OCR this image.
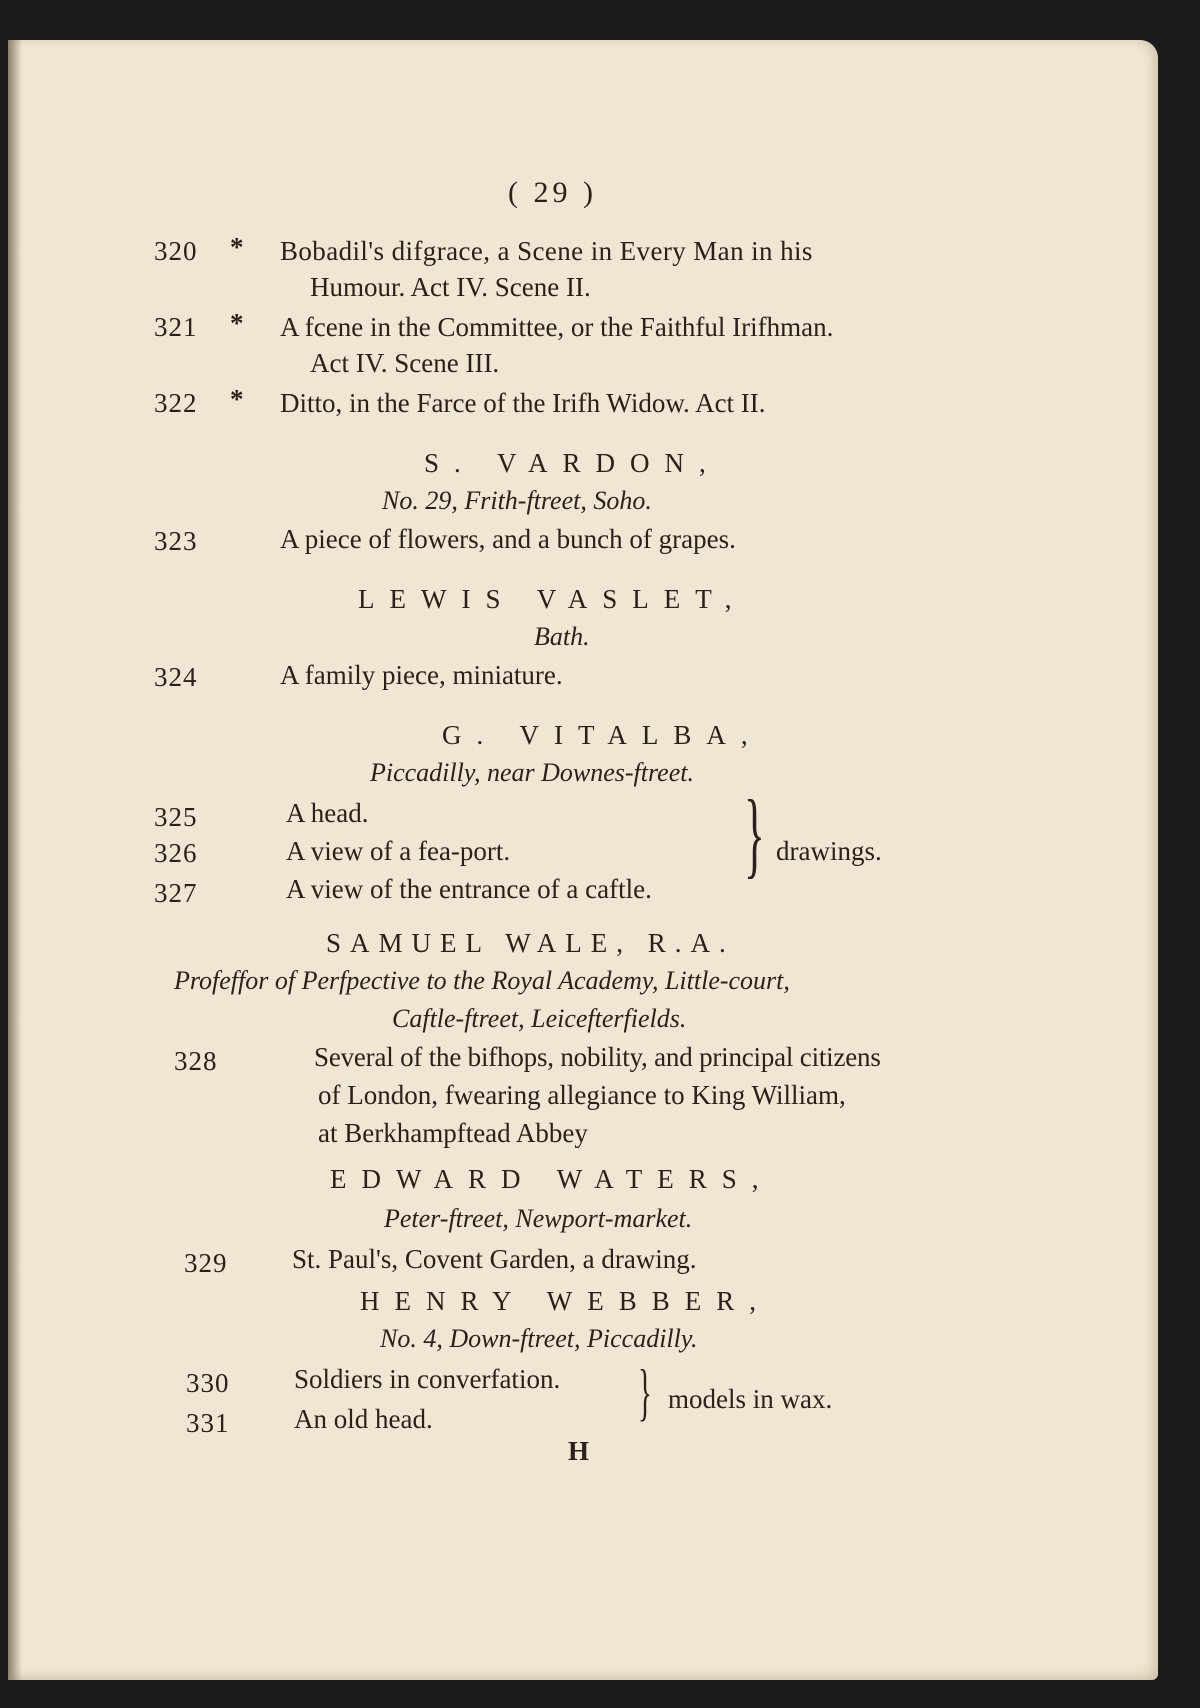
( 29 )
320 * Bobadil's difgrace, a Scene in Every Man in his
Humour. Act IV. Scene II.
321 * A fcene in the Committee, or the Faithful Irifhman.
Act IV. Scene III.
322 * Ditto, in the Farce of the Irifh Widow. Act II.
S. VARDON,
No. 29, Frith-ftreet, Soho.
323	A piece of flowers, and a bunch of grapes.
LEWIS VASLET,
Bath.
324	A family piece, miniature.
G. VITALBA,
Piccadilly, near Downes-ftreet.
325	A head.
326	A view of a fea-port.
327	A view of the entrance of a caftle.
} drawings.
SAMUEL WALE, R.A.
Profeffor of Perfpective to the Royal Academy, Little-court,
Caftle-ftreet, Leicefterfields.
328	Several of the bifhops, nobility, and principal citizens
of London, fwearing allegiance to King William,
at Berkhampftead Abbey
EDWARD WATERS,
Peter-ftreet, Newport-market.
329 St. Paul's, Covent Garden, a drawing.
HENRY WEBBER,
No. 4, Down-ftreet, Piccadilly.
330 Soldiers in converfation.
331 An old head.	} models in wax.
H
